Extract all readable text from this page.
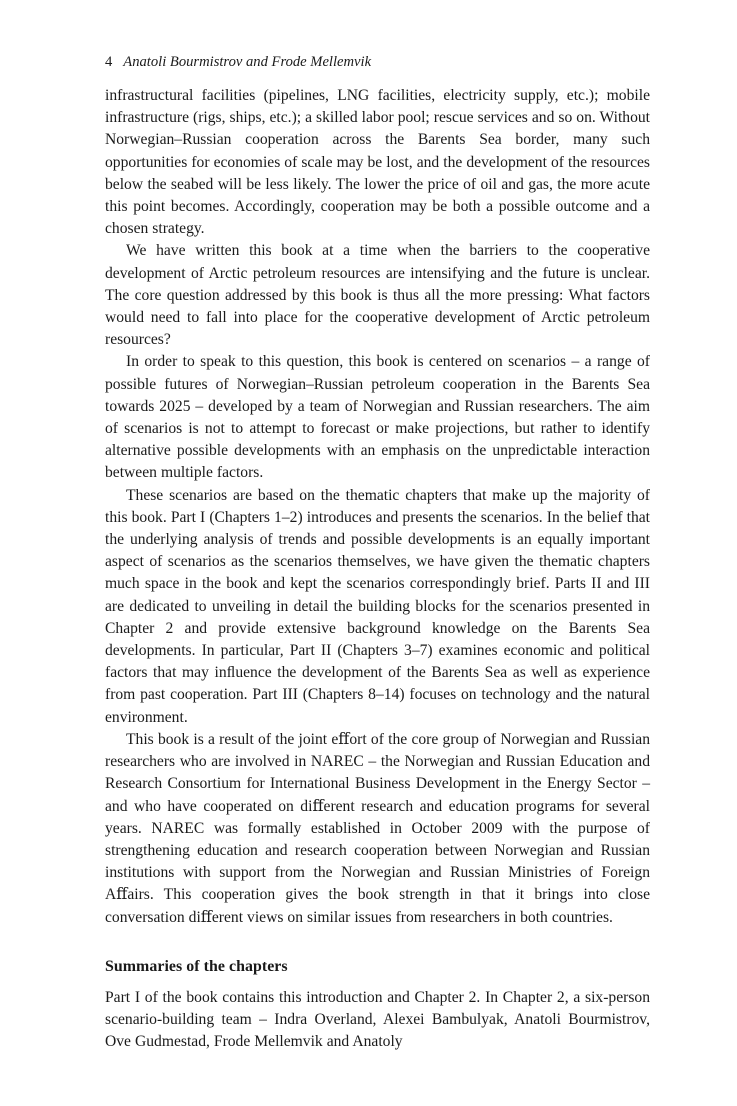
4 Anatoli Bourmistrov and Frode Mellemvik

infrastructural facilities (pipelines, LNG facilities, electricity supply, etc.); mobile infrastructure (rigs, ships, etc.); a skilled labor pool; rescue services and so on. Without Norwegian–Russian cooperation across the Barents Sea border, many such opportunities for economies of scale may be lost, and the development of the resources below the seabed will be less likely. The lower the price of oil and gas, the more acute this point becomes. Accordingly, cooperation may be both a possible outcome and a chosen strategy.

We have written this book at a time when the barriers to the cooperative development of Arctic petroleum resources are intensifying and the future is unclear. The core question addressed by this book is thus all the more pressing: What factors would need to fall into place for the cooperative development of Arctic petroleum resources?

In order to speak to this question, this book is centered on scenarios – a range of possible futures of Norwegian–Russian petroleum cooperation in the Barents Sea towards 2025 – developed by a team of Norwegian and Russian researchers. The aim of scenarios is not to attempt to forecast or make projections, but rather to identify alternative possible developments with an emphasis on the unpredictable interaction between multiple factors.

These scenarios are based on the thematic chapters that make up the majority of this book. Part I (Chapters 1–2) introduces and presents the scenarios. In the belief that the underlying analysis of trends and possible developments is an equally important aspect of scenarios as the scenarios themselves, we have given the thematic chapters much space in the book and kept the scenarios correspondingly brief. Parts II and III are dedicated to unveiling in detail the building blocks for the scenarios presented in Chapter 2 and provide extensive background knowledge on the Barents Sea developments. In particular, Part II (Chapters 3–7) examines economic and political factors that may inﬂuence the development of the Barents Sea as well as experience from past cooperation. Part III (Chapters 8–14) focuses on technology and the natural environment.

This book is a result of the joint eﬀort of the core group of Norwegian and Russian researchers who are involved in NAREC – the Norwegian and Russian Education and Research Consortium for International Business Development in the Energy Sector – and who have cooperated on diﬀerent research and education programs for several years. NAREC was formally established in October 2009 with the purpose of strengthening education and research cooperation between Norwegian and Russian institutions with support from the Norwegian and Russian Ministries of Foreign Aﬀairs. This cooperation gives the book strength in that it brings into close conversation diﬀerent views on similar issues from researchers in both countries.

Summaries of the chapters

Part I of the book contains this introduction and Chapter 2. In Chapter 2, a six-person scenario-building team – Indra Overland, Alexei Bambulyak, Anatoli Bourmistrov, Ove Gudmestad, Frode Mellemvik and Anatoly
